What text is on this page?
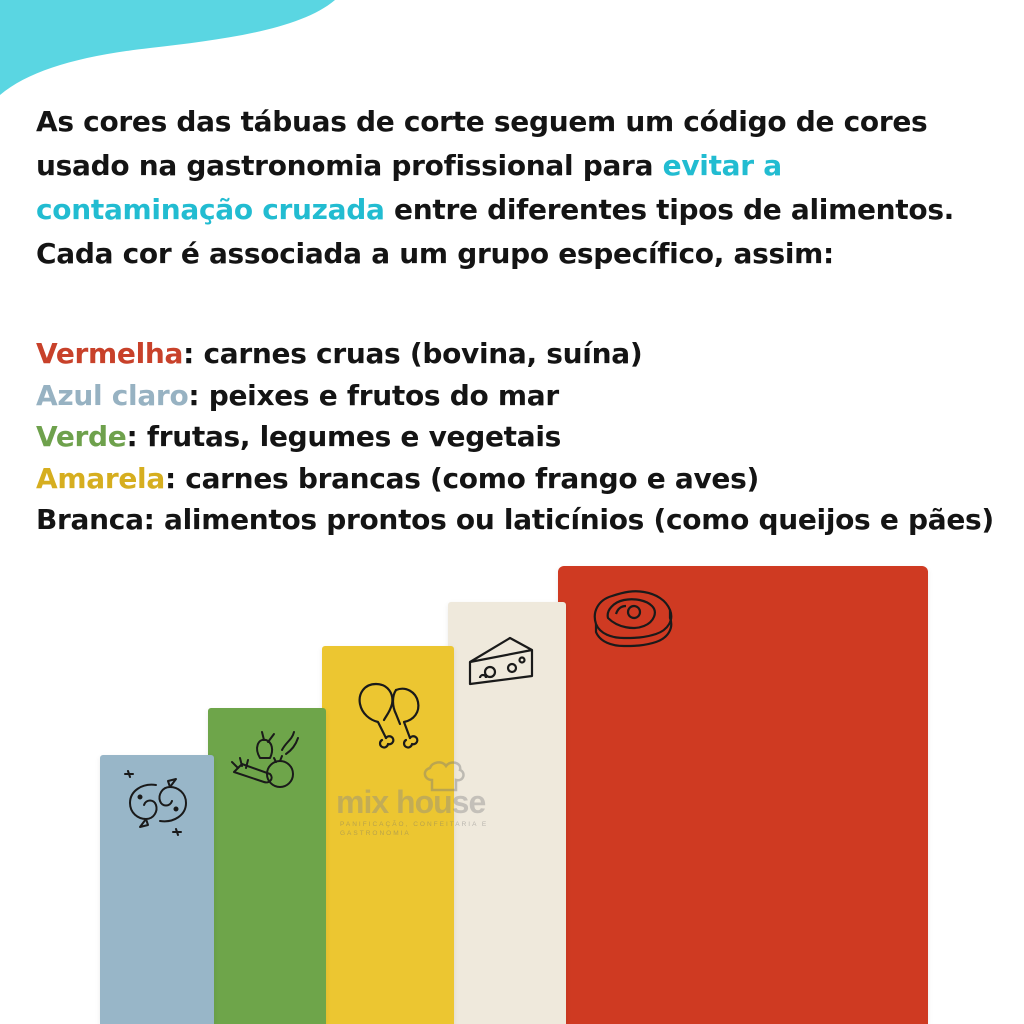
As cores das tábuas de corte seguem um código de cores usado na gastronomia profissional para evitar a contaminação cruzada entre diferentes tipos de alimentos. Cada cor é associada a um grupo específico, assim:
Vermelha: carnes cruas (bovina, suína)
Azul claro: peixes e frutos do mar
Verde: frutas, legumes e vegetais
Amarela: carnes brancas (como frango e aves)
Branca: alimentos prontos ou laticínios (como queijos e pães)
mix house
PANIFICAÇÃO, CONFEITARIA E GASTRONOMIA
